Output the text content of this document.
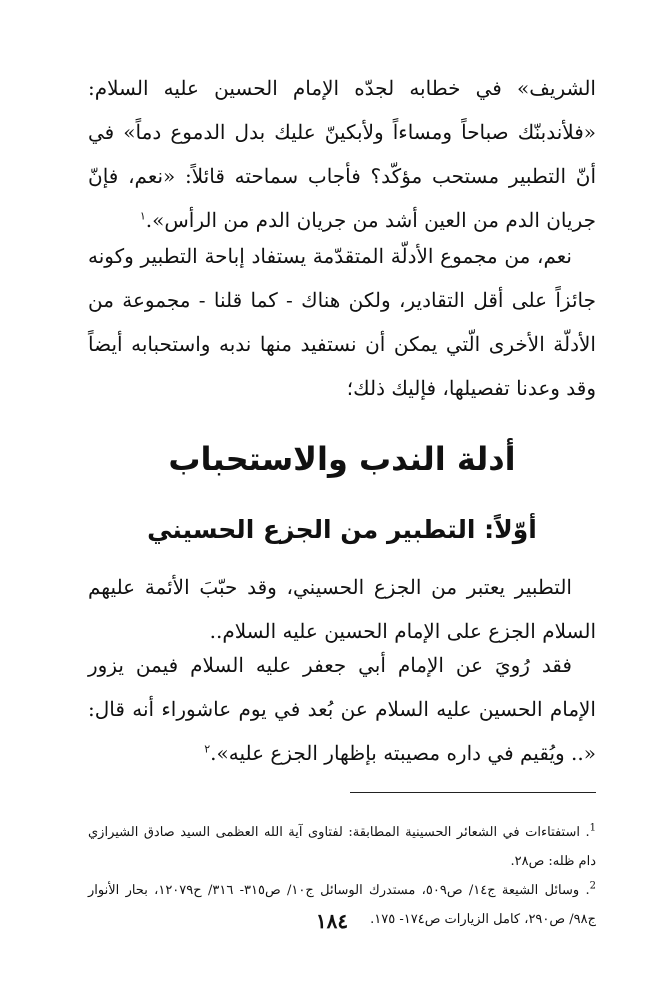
الشريف» في خطابه لجدّه الإمام الحسين عليه السلام: «فلأندبنّك صباحاً ومساءاً ولأبكينّ عليك بدل الدموع دماً» في أنّ التطبير مستحب مؤكّد؟ فأجاب سماحته قائلاً: «نعم، فإنّ جريان الدم من العين أشد من جريان الدم من الرأس».$^١$
نعم، من مجموع الأدلّة المتقدّمة يستفاد إباحة التطبير وكونه جائزاً على أقل التقادير، ولكن هناك - كما قلنا - مجموعة من الأدلّة الأخرى الّتي يمكن أن نستفيد منها ندبه واستحبابه أيضاً وقد وعدنا تفصيلها، فإليك ذلك؛
أدلة الندب والاستحباب
أوّلاً: التطبير من الجزع الحسيني
التطبير يعتبر من الجزع الحسيني، وقد حبّبَ الأئمة عليهم السلام الجزع على الإمام الحسين عليه السلام..
فقد رُويَ عن الإمام أبي جعفر عليه السلام فيمن يزور الإمام الحسين عليه السلام عن بُعد في يوم عاشوراء أنه قال: «.. ويُقيم في داره مصيبته بإظهار الجزع عليه».$^٢$

$^1$. استفتاءات في الشعائر الحسينية المطابقة: لفتاوى آية الله العظمى السيد صادق الشيرازي دام ظله: ص٢٨.

$^2$. وسائل الشيعة ج١٤/ ص٥٠٩، مستدرك الوسائل ج١٠/ ص٣١٥- ٣١٦/ ح١٢٠٧٩، بحار الأنوار ج٩٨/ ص٢٩٠، كامل الزيارات ص١٧٤- ١٧٥.

١٨٤
